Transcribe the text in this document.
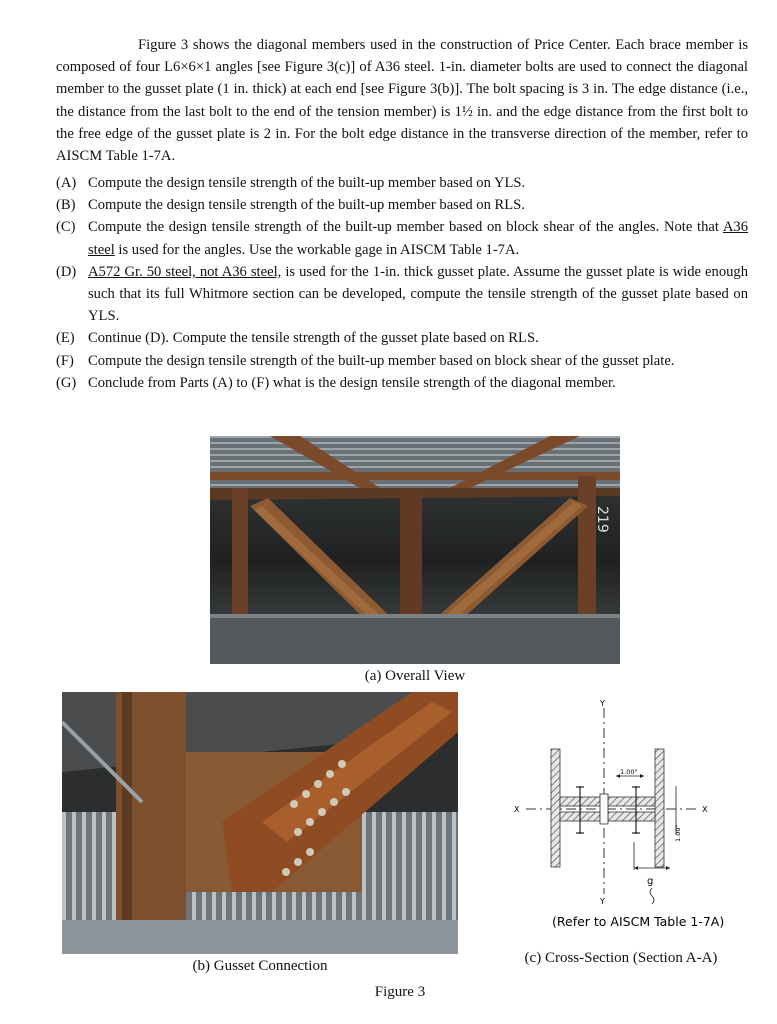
Figure 3 shows the diagonal members used in the construction of Price Center. Each brace member is composed of four L6×6×1 angles [see Figure 3(c)] of A36 steel. 1-in. diameter bolts are used to connect the diagonal member to the gusset plate (1 in. thick) at each end [see Figure 3(b)]. The bolt spacing is 3 in. The edge distance (i.e., the distance from the last bolt to the end of the tension member) is 1½ in. and the edge distance from the first bolt to the free edge of the gusset plate is 2 in. For the bolt edge distance in the transverse direction of the member, refer to AISCM Table 1-7A.
(A) Compute the design tensile strength of the built-up member based on YLS.
(B) Compute the design tensile strength of the built-up member based on RLS.
(C) Compute the design tensile strength of the built-up member based on block shear of the angles. Note that A36 steel is used for the angles. Use the workable gage in AISCM Table 1-7A.
(D) A572 Gr. 50 steel, not A36 steel, is used for the 1-in. thick gusset plate. Assume the gusset plate is wide enough such that its full Whitmore section can be developed, compute the tensile strength of the gusset plate based on YLS.
(E) Continue (D). Compute the tensile strength of the gusset plate based on RLS.
(F) Compute the design tensile strength of the built-up member based on block shear of the gusset plate.
(G) Conclude from Parts (A) to (F) what is the design tensile strength of the diagonal member.
219
(a) Overall View
(b) Gusset Connection
Y
Y
X	X
1.00"
1.00"
g
(Refer to AISCM Table 1-7A)
(c) Cross-Section (Section A-A)
Figure 3
